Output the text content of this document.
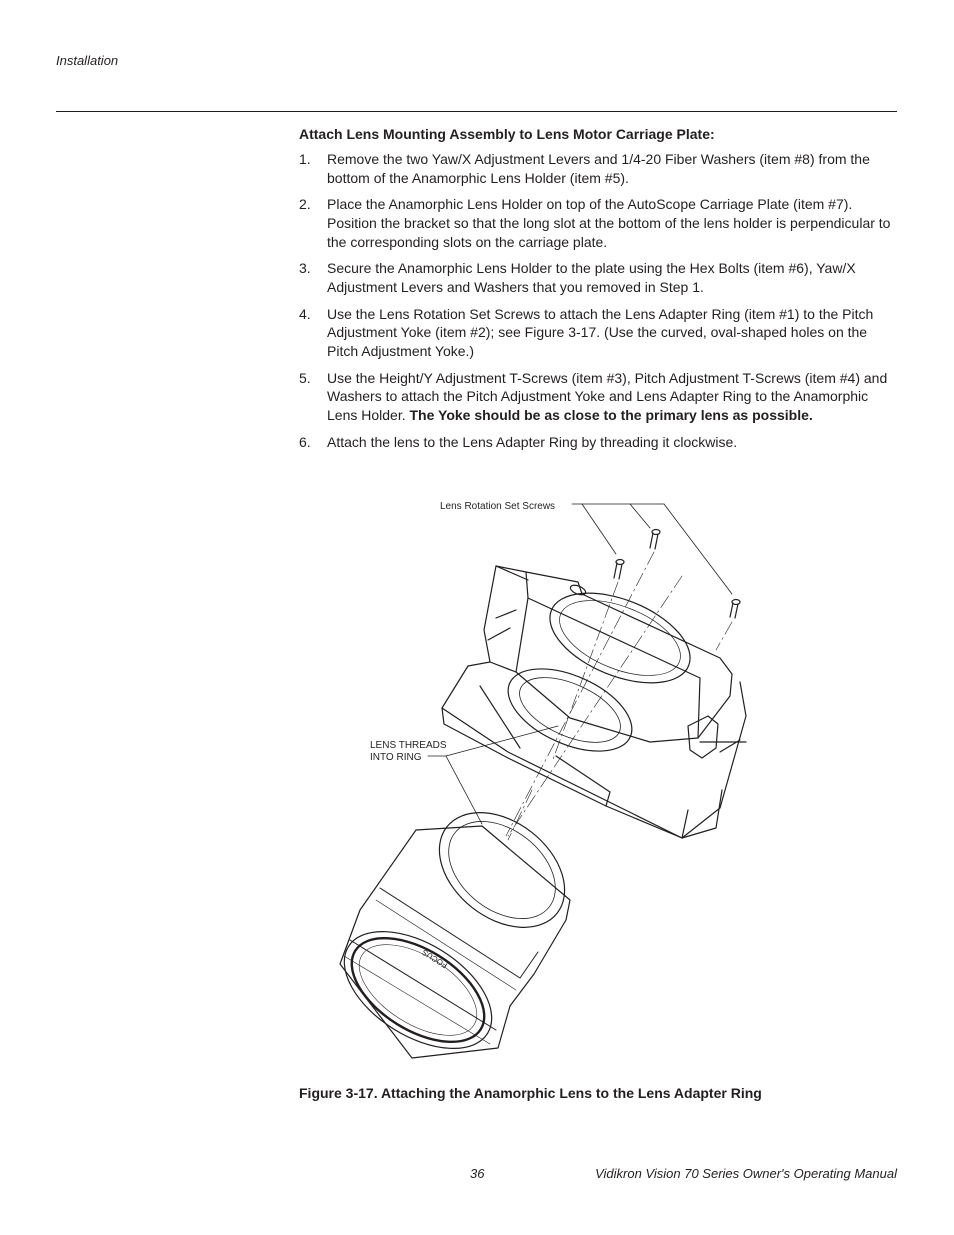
Installation
Attach Lens Mounting Assembly to Lens Motor Carriage Plate:
1. Remove the two Yaw/X Adjustment Levers and 1/4-20 Fiber Washers (item #8) from the bottom of the Anamorphic Lens Holder (item #5).
2. Place the Anamorphic Lens Holder on top of the AutoScope Carriage Plate (item #7). Position the bracket so that the long slot at the bottom of the lens holder is perpendicular to the corresponding slots on the carriage plate.
3. Secure the Anamorphic Lens Holder to the plate using the Hex Bolts (item #6), Yaw/X Adjustment Levers and Washers that you removed in Step 1.
4. Use the Lens Rotation Set Screws to attach the Lens Adapter Ring (item #1) to the Pitch Adjustment Yoke (item #2); see Figure 3-17. (Use the curved, oval-shaped holes on the Pitch Adjustment Yoke.)
5. Use the Height/Y Adjustment T-Screws (item #3), Pitch Adjustment T-Screws (item #4) and Washers to attach the Pitch Adjustment Yoke and Lens Adapter Ring to the Anamorphic Lens Holder. The Yoke should be as close to the primary lens as possible.
6. Attach the lens to the Lens Adapter Ring by threading it clockwise.
Lens Rotation Set Screws
LENS THREADS
INTO RING
FOCUS
Figure 3-17. Attaching the Anamorphic Lens to the Lens Adapter Ring
36	Vidikron Vision 70 Series Owner's Operating Manual
